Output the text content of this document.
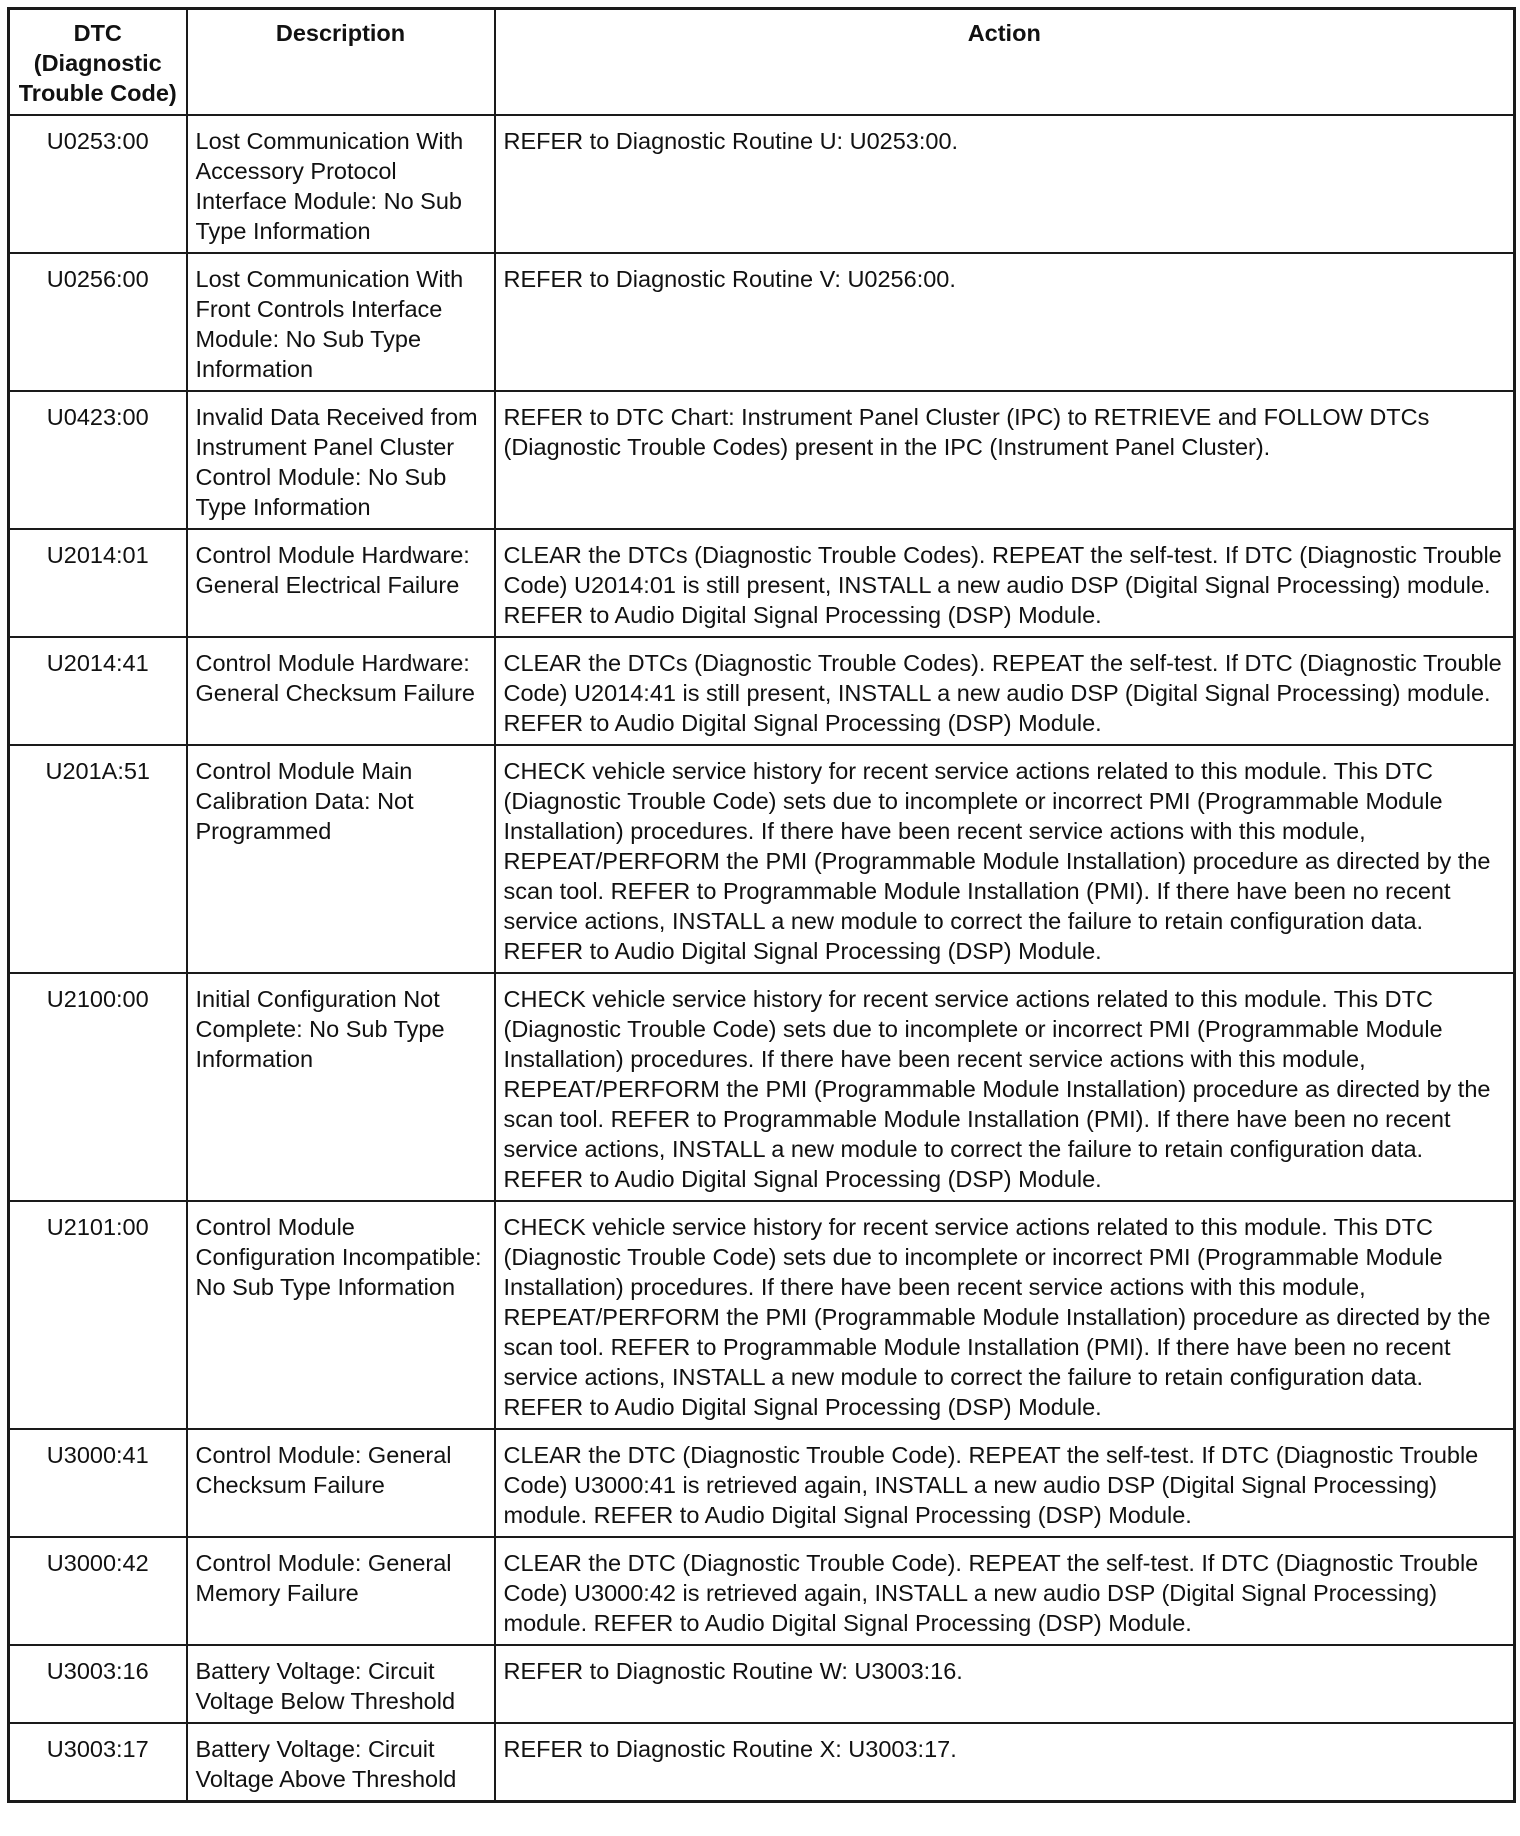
DTC (Diagnostic Trouble Code)	Description	Action
U0253:00	Lost Communication With Accessory Protocol Interface Module: No Sub Type Information	REFER to Diagnostic Routine U: U0253:00.
U0256:00	Lost Communication With Front Controls Interface Module: No Sub Type Information	REFER to Diagnostic Routine V: U0256:00.
U0423:00	Invalid Data Received from Instrument Panel Cluster Control Module: No Sub Type Information	REFER to DTC Chart: Instrument Panel Cluster (IPC) to RETRIEVE and FOLLOW DTCs (Diagnostic Trouble Codes) present in the IPC (Instrument Panel Cluster).
U2014:01	Control Module Hardware: General Electrical Failure	CLEAR the DTCs (Diagnostic Trouble Codes). REPEAT the self-test. If DTC (Diagnostic Trouble Code) U2014:01 is still present, INSTALL a new audio DSP (Digital Signal Processing) module. REFER to Audio Digital Signal Processing (DSP) Module.
U2014:41	Control Module Hardware: General Checksum Failure	CLEAR the DTCs (Diagnostic Trouble Codes). REPEAT the self-test. If DTC (Diagnostic Trouble Code) U2014:41 is still present, INSTALL a new audio DSP (Digital Signal Processing) module. REFER to Audio Digital Signal Processing (DSP) Module.
U201A:51	Control Module Main Calibration Data: Not Programmed	CHECK vehicle service history for recent service actions related to this module. This DTC (Diagnostic Trouble Code) sets due to incomplete or incorrect PMI (Programmable Module Installation) procedures. If there have been recent service actions with this module, REPEAT/PERFORM the PMI (Programmable Module Installation) procedure as directed by the scan tool. REFER to Programmable Module Installation (PMI). If there have been no recent service actions, INSTALL a new module to correct the failure to retain configuration data. REFER to Audio Digital Signal Processing (DSP) Module.
U2100:00	Initial Configuration Not Complete: No Sub Type Information	CHECK vehicle service history for recent service actions related to this module. This DTC (Diagnostic Trouble Code) sets due to incomplete or incorrect PMI (Programmable Module Installation) procedures. If there have been recent service actions with this module, REPEAT/PERFORM the PMI (Programmable Module Installation) procedure as directed by the scan tool. REFER to Programmable Module Installation (PMI). If there have been no recent service actions, INSTALL a new module to correct the failure to retain configuration data. REFER to Audio Digital Signal Processing (DSP) Module.
U2101:00	Control Module Configuration Incompatible: No Sub Type Information	CHECK vehicle service history for recent service actions related to this module. This DTC (Diagnostic Trouble Code) sets due to incomplete or incorrect PMI (Programmable Module Installation) procedures. If there have been recent service actions with this module, REPEAT/PERFORM the PMI (Programmable Module Installation) procedure as directed by the scan tool. REFER to Programmable Module Installation (PMI). If there have been no recent service actions, INSTALL a new module to correct the failure to retain configuration data. REFER to Audio Digital Signal Processing (DSP) Module.
U3000:41	Control Module: General Checksum Failure	CLEAR the DTC (Diagnostic Trouble Code). REPEAT the self-test. If DTC (Diagnostic Trouble Code) U3000:41 is retrieved again, INSTALL a new audio DSP (Digital Signal Processing) module. REFER to Audio Digital Signal Processing (DSP) Module.
U3000:42	Control Module: General Memory Failure	CLEAR the DTC (Diagnostic Trouble Code). REPEAT the self-test. If DTC (Diagnostic Trouble Code) U3000:42 is retrieved again, INSTALL a new audio DSP (Digital Signal Processing) module. REFER to Audio Digital Signal Processing (DSP) Module.
U3003:16	Battery Voltage: Circuit Voltage Below Threshold	REFER to Diagnostic Routine W: U3003:16.
U3003:17	Battery Voltage: Circuit Voltage Above Threshold	REFER to Diagnostic Routine X: U3003:17.
